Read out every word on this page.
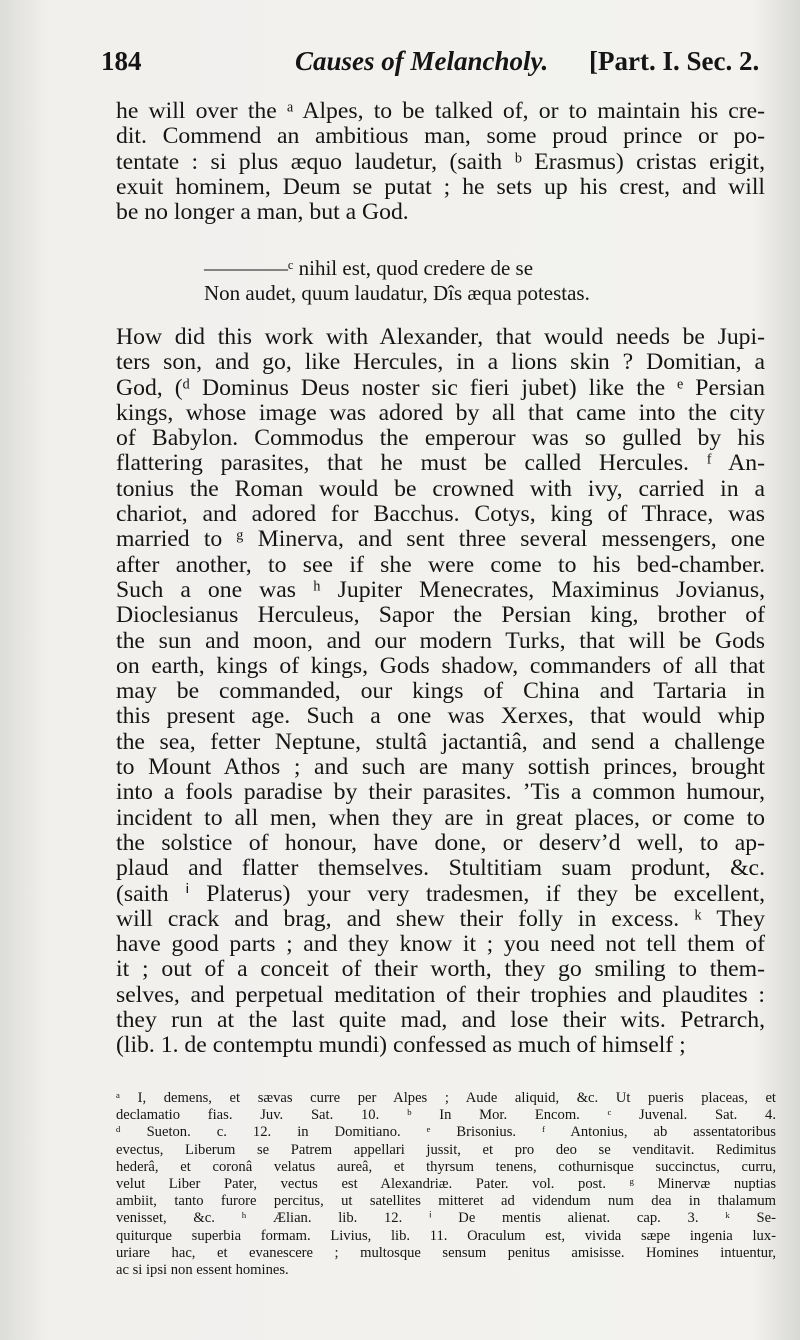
184	Causes of Melancholy. [Part. I. Sec. 2.
he will over the ᵃ Alpes, to be talked of, or to maintain his cre-
dit. Commend an ambitious man, some proud prince or po-
tentate : si plus æquo laudetur, (saith ᵇ Erasmus) cristas erigit,
exuit hominem, Deum se putat ; he sets up his crest, and will
be no longer a man, but a God.
————ᶜ nihil est, quod credere de se
Non audet, quum laudatur, Dîs æqua potestas.
How did this work with Alexander, that would needs be Jupi-
ters son, and go, like Hercules, in a lions skin ? Domitian, a
God, (ᵈ Dominus Deus noster sic fieri jubet) like the ᵉ Persian
kings, whose image was adored by all that came into the city
of Babylon. Commodus the emperour was so gulled by his
flattering parasites, that he must be called Hercules. ᶠ An-
tonius the Roman would be crowned with ivy, carried in a
chariot, and adored for Bacchus. Cotys, king of Thrace, was
married to ᵍ Minerva, and sent three several messengers, one
after another, to see if she were come to his bed-chamber.
Such a one was ʰ Jupiter Menecrates, Maximinus Jovianus,
Dioclesianus Herculeus, Sapor the Persian king, brother of
the sun and moon, and our modern Turks, that will be Gods
on earth, kings of kings, Gods shadow, commanders of all that
may be commanded, our kings of China and Tartaria in
this present age. Such a one was Xerxes, that would whip
the sea, fetter Neptune, stultâ jactantiâ, and send a challenge
to Mount Athos ; and such are many sottish princes, brought
into a fools paradise by their parasites. ’Tis a common humour,
incident to all men, when they are in great places, or come to
the solstice of honour, have done, or deserv’d well, to ap-
plaud and flatter themselves. Stultitiam suam produnt, &c.
(saith ⁱ Platerus) your very tradesmen, if they be excellent,
will crack and brag, and shew their folly in excess. ᵏ They
have good parts ; and they know it ; you need not tell them of
it ; out of a conceit of their worth, they go smiling to them-
selves, and perpetual meditation of their trophies and plaudites :
they run at the last quite mad, and lose their wits. Petrarch,
(lib. 1. de contemptu mundi) confessed as much of himself ;
ᵃ I, demens, et sævas curre per Alpes ; Aude aliquid, &c. Ut pueris placeas, et
declamatio fias. Juv. Sat. 10. ᵇ In Mor. Encom. ᶜ Juvenal. Sat. 4.
ᵈ Sueton. c. 12. in Domitiano. ᵉ Brisonius. ᶠ Antonius, ab assentatoribus
evectus, Liberum se Patrem appellari jussit, et pro deo se venditavit. Redimitus
hederâ, et coronâ velatus aureâ, et thyrsum tenens, cothurnisque succinctus, curru,
velut Liber Pater, vectus est Alexandriæ. Pater. vol. post. ᵍ Minervæ nuptias
ambiit, tanto furore percitus, ut satellites mitteret ad videndum num dea in thalamum
venisset, &c. ʰ Ælian. lib. 12. ⁱ De mentis alienat. cap. 3. ᵏ Se-
quiturque superbia formam. Livius, lib. 11. Oraculum est, vivida sæpe ingenia lux-
uriare hac, et evanescere ; multosque sensum penitus amisisse. Homines intuentur,
ac si ipsi non essent homines.
